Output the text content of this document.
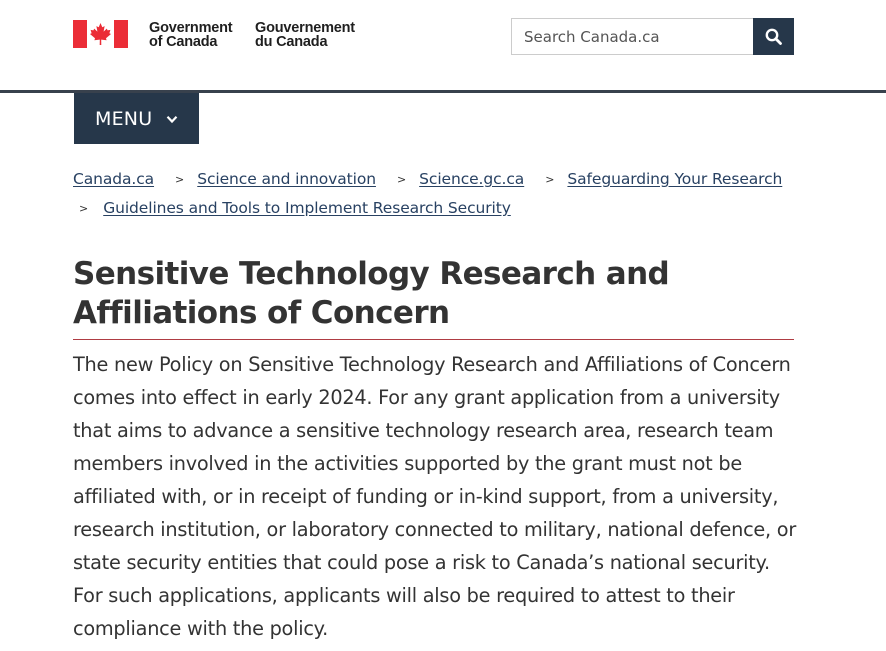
Government
of Canada
Gouvernement
du Canada
Search Canada.ca
MENU
Canada.ca > Science and innovation > Science.gc.ca > Safeguarding Your Research
> Guidelines and Tools to Implement Research Security
Sensitive Technology Research and Affiliations of Concern

The new Policy on Sensitive Technology Research and Affiliations of Concern comes into effect in early 2024. For any grant application from a university that aims to advance a sensitive technology research area, research team members involved in the activities supported by the grant must not be affiliated with, or in receipt of funding or in-kind support, from a university, research institution, or laboratory connected to military, national defence, or state security entities that could pose a risk to Canada’s national security. For such applications, applicants will also be required to attest to their compliance with the policy.
